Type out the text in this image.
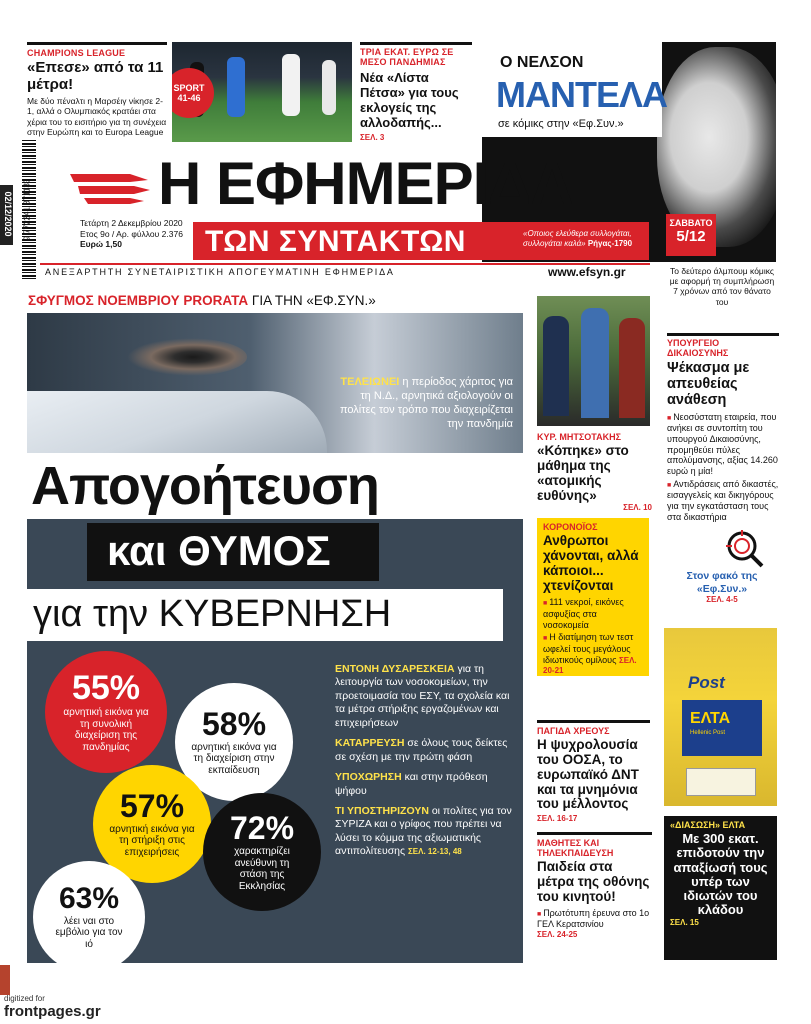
02/12/2020
CHAMPIONS LEAGUE
«Επεσε» από τα 11 μέτρα!
Με δύο πέναλτι η Μαρσέιγ νίκησε 2-1, αλλά ο Ολυμπιακός κρατάει στα χέρια του το εισιτήριο για τη συνέχεια στην Ευρώπη και το Europa League
SPORT
41-46
ΤΡΙΑ ΕΚΑΤ. ΕΥΡΩ ΣΕ ΜΕΣΟ ΠΑΝΔΗΜΙΑΣ
Νέα «Λίστα Πέτσα» για τους εκλογείς της αλλοδαπής...
ΣΕΛ. 3
Ο ΝΕΛΣΟΝ
ΜΑΝΤΕΛΑ
σε κόμικς στην «Εφ.Συν.»
ΣΑΒΒΑΤΟ
5/12
Το δεύτερο άλμπουμ κόμικς με αφορμή τη συμπλήρωση 7 χρόνων από τον θάνατο του
Η ΕΦΗΜΕΡΙΔΑ
Τετάρτη 2 Δεκεμβρίου 2020
Ετος 9ο / Αρ. φύλλου 2.376
Ευρώ 1,50	ΤΩΝ ΣΥΝΤΑΚΤΩΝ	«Οποιος ελεύθερα συλλογάται, συλλογάται καλά» Ρήγας-1790
9 772241 371133
ΑΝΕΞΑΡΤΗΤΗ ΣΥΝΕΤΑΙΡΙΣΤΙΚΗ ΑΠΟΓΕΥΜΑΤΙΝΗ ΕΦΗΜΕΡΙΔΑ	www.efsyn.gr
ΣΦΥΓΜΟΣ ΝΟΕΜΒΡΙΟΥ PRORATA ΓΙΑ ΤΗΝ «ΕΦ.ΣΥΝ.»
ΤΕΛΕΙΩΝΕΙ η περίοδος χάριτος για τη Ν.Δ., αρνητικά αξιολογούν οι πολίτες τον τρόπο που διαχειρίζεται την πανδημία
Απογοήτευση
και ΘΥΜΟΣ
για την ΚΥΒΕΡΝΗΣΗ
55%
αρνητική εικόνα για τη συνολική διαχείριση της πανδημίας
58%
αρνητική εικόνα για τη διαχείριση στην εκπαίδευση
57%
αρνητική εικόνα για τη στήριξη στις επιχειρήσεις
72%
χαρακτηρίζει ανεύθυνη τη στάση της Εκκλησίας
63%
λέει ναι στο εμβόλιο για τον ιό
ΕΝΤΟΝΗ ΔΥΣΑΡΕΣΚΕΙΑ για τη λειτουργία των νοσοκομείων, την προετοιμασία του ΕΣΥ, τα σχολεία και τα μέτρα στήριξης εργαζομένων και επιχειρήσεων
ΚΑΤΑΡΡΕΥΣΗ σε όλους τους δείκτες σε σχέση με την πρώτη φάση
ΥΠΟΧΩΡΗΣΗ και στην πρόθεση ψήφου
ΤΙ ΥΠΟΣΤΗΡΙΖΟΥΝ οι πολίτες για τον ΣΥΡΙΖΑ και ο γρίφος που πρέπει να λύσει το κόμμα της αξιωματικής αντιπολίτευσης ΣΕΛ. 12-13, 48
ΚΥΡ. ΜΗΤΣΟΤΑΚΗΣ
«Κόπηκε» στο μάθημα της «ατομικής ευθύνης»
ΣΕΛ. 10
ΚΟΡΟΝΟΪΟΣ
Ανθρωποι χάνονται, αλλά κάποιοι... χτενίζονται
■ 111 νεκροί, εικόνες ασφυξίας στα νοσοκομεία
■ Η διατίμηση των τεστ ωφελεί τους μεγάλους ιδιωτικούς ομίλους ΣΕΛ. 20-21
ΠΑΓΙΔΑ ΧΡΕΟΥΣ
Η ψυχρολουσία του ΟΟΣΑ, το ευρωπαϊκό ΔΝΤ και τα μνημόνια του μέλλοντος
ΣΕΛ. 16-17
ΜΑΘΗΤΕΣ ΚΑΙ ΤΗΛΕΚΠΑΙΔΕΥΣΗ
Παιδεία στα μέτρα της οθόνης του κινητού!
■ Πρωτότυπη έρευνα στο 1ο ΓΕΛ Κερατσινίου
ΣΕΛ. 24-25
ΥΠΟΥΡΓΕΙΟ ΔΙΚΑΙΟΣΥΝΗΣ
Ψέκασμα με απευθείας ανάθεση
■ Νεοσύστατη εταιρεία, που ανήκει σε συντοπίτη του υπουργού Δικαιοσύνης, προμηθεύει πύλες απολύμανσης, αξίας 14.260 ευρώ η μία!
■ Αντιδράσεις από δικαστές, εισαγγελείς και δικηγόρους για την εγκατάσταση τους στα δικαστήρια
Στον φακό της «Εφ.Συν.»
ΣΕΛ. 4-5
Post
ΕΛΤΑ
Hellenic Post
«ΔΙΑΣΩΣΗ» ΕΛΤΑ
Με 300 εκατ. επιδοτούν την απαξίωσή τους υπέρ των ιδιωτών του κλάδου
ΣΕΛ. 15
digitized for
frontpages.gr
